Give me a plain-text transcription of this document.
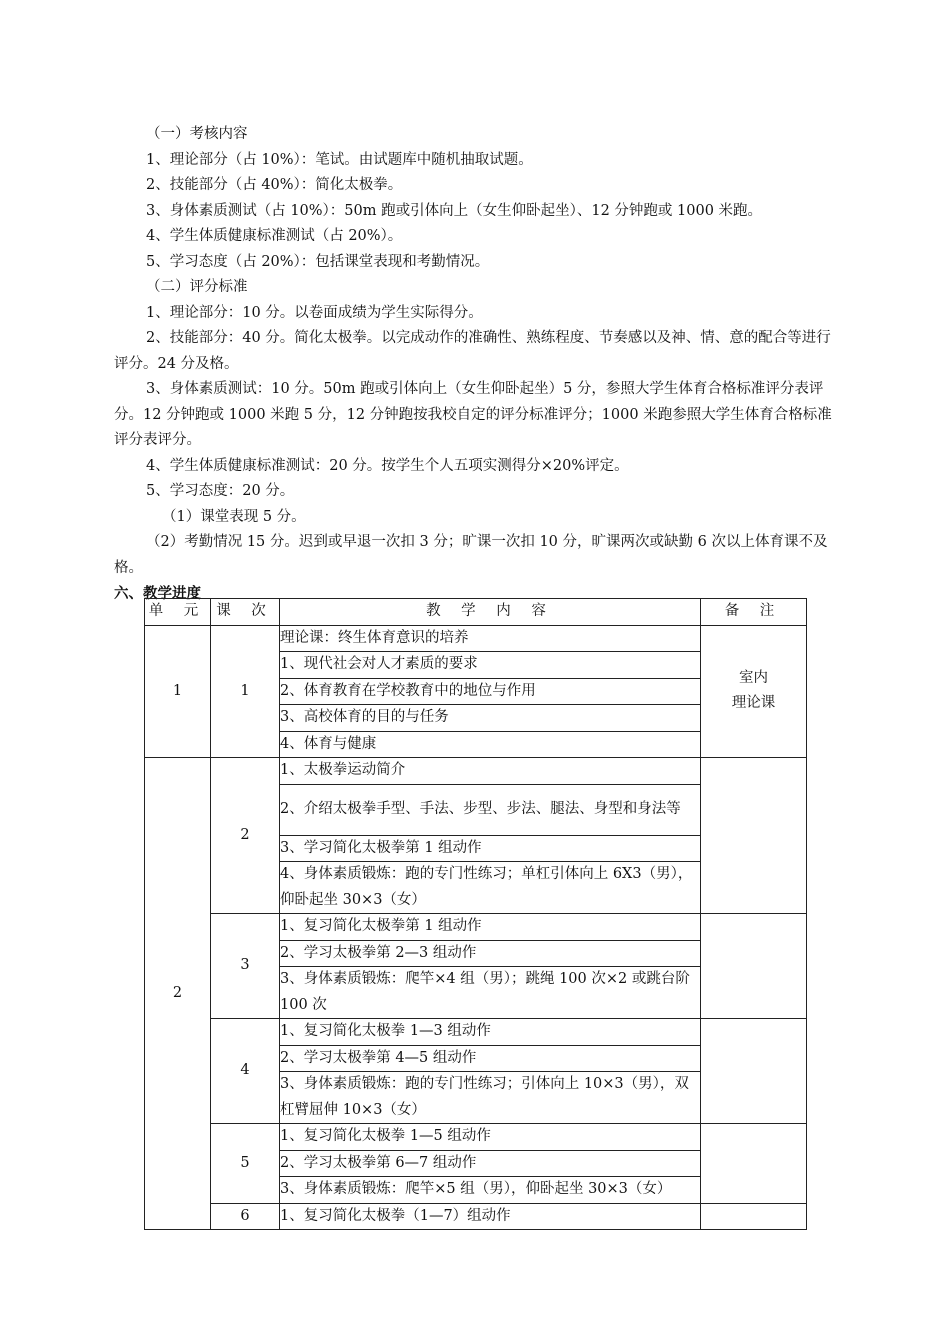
（一）考核内容

1、理论部分（占 10%）：笔试。由试题库中随机抽取试题。

2、技能部分（占 40%）：简化太极拳。

3、身体素质测试（占 10%）：50m 跑或引体向上（女生仰卧起坐）、12 分钟跑或 1000 米跑。

4、学生体质健康标准测试（占 20%）。

5、学习态度（占 20%）：包括课堂表现和考勤情况。

（二）评分标准

1、理论部分：10 分。以卷面成绩为学生实际得分。

2、技能部分：40 分。简化太极拳。以完成动作的准确性、熟练程度、节奏感以及神、情、意的配合等进行评分。24 分及格。

3、身体素质测试：10 分。50m 跑或引体向上（女生仰卧起坐）5 分，参照大学生体育合格标准评分表评分。12 分钟跑或 1000 米跑 5 分，12 分钟跑按我校自定的评分标准评分；1000 米跑参照大学生体育合格标准评分表评分。

4、学生体质健康标准测试：20 分。按学生个人五项实测得分×20%评定。

5、学习态度：20 分。

（1）课堂表现 5 分。

（2）考勤情况 15 分。迟到或早退一次扣 3 分；旷课一次扣 10 分，旷课两次或缺勤 6 次以上体育课不及格。

六、教学进度

单 元	课 次	教 学 内 容	备 注
1	1	理论课：终生体育意识的培养	室内
理论课

		1、现代社会对人才素质的要求	
		2、体育教育在学校教育中的地位与作用	
		3、高校体育的目的与任务	
		4、体育与健康	
2	2	1、太极拳运动简介	
		2、介绍太极拳手型、手法、步型、步法、腿法、身型和身法等	
		3、学习简化太极拳第 1 组动作	
		4、身体素质锻炼：跑的专门性练习；单杠引体向上 6X3（男），仰卧起坐 30×3（女）	
	3	1、复习简化太极拳第 1 组动作	
		2、学习太极拳第 2—3 组动作	
		3、身体素质锻炼：爬竿×4 组（男）；跳绳 100 次×2 或跳台阶 100 次	
	4	1、复习简化太极拳 1—3 组动作	
		2、学习太极拳第 4—5 组动作	
		3、身体素质锻炼：跑的专门性练习；引体向上 10×3（男），双杠臂屈伸 10×3（女）	
	5	1、复习简化太极拳 1—5 组动作	
		2、学习太极拳第 6—7 组动作	
		3、身体素质锻炼：爬竿×5 组（男），仰卧起坐 30×3（女）	
	6	1、复习简化太极拳（1—7）组动作	
